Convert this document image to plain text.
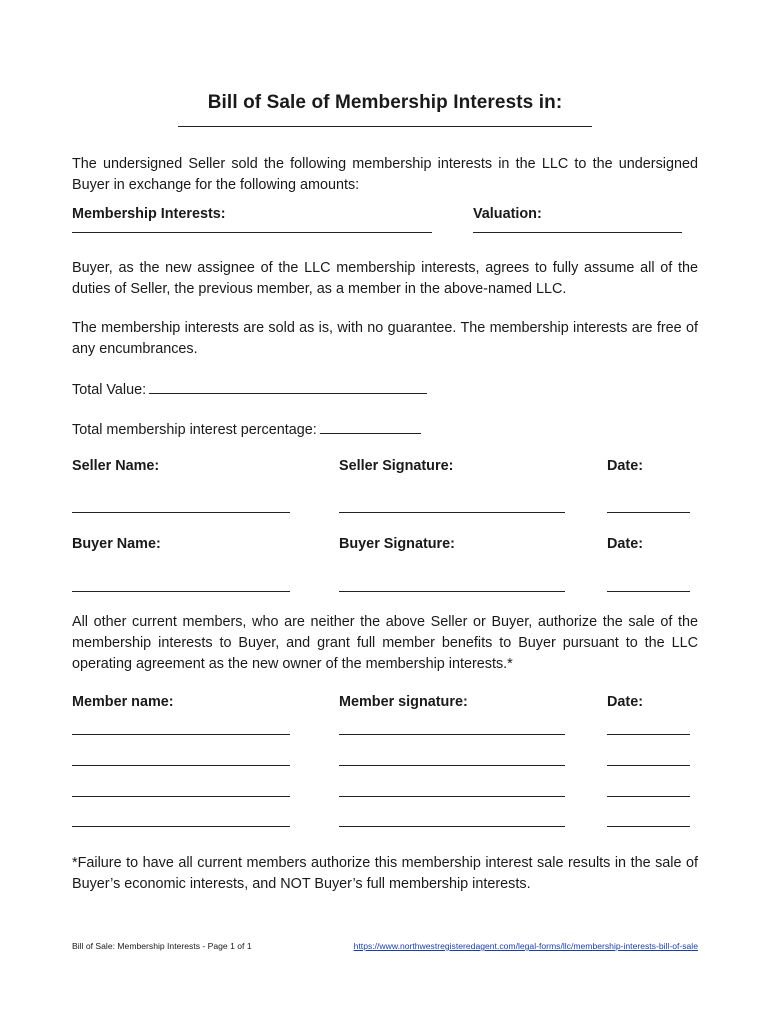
Bill of Sale of Membership Interests in:
The undersigned Seller sold the following membership interests in the LLC to the undersigned Buyer in exchange for the following amounts:
Membership Interests:	Valuation:
Buyer, as the new assignee of the LLC membership interests, agrees to fully assume all of the duties of Seller, the previous member, as a member in the above-named LLC.
The membership interests are sold as is, with no guarantee. The membership interests are free of any encumbrances.
Total Value:
Total membership interest percentage:
Seller Name:	Seller Signature:	Date:
Buyer Name:	Buyer Signature:	Date:
All other current members, who are neither the above Seller or Buyer, authorize the sale of the membership interests to Buyer, and grant full member benefits to Buyer pursuant to the LLC operating agreement as the new owner of the membership interests.*
Member name:	Member signature:	Date:
*Failure to have all current members authorize this membership interest sale results in the sale of Buyer’s economic interests, and NOT Buyer’s full membership interests.
Bill of Sale: Membership Interests - Page 1 of 1	https://www.northwestregisteredagent.com/legal-forms/llc/membership-interests-bill-of-sale
